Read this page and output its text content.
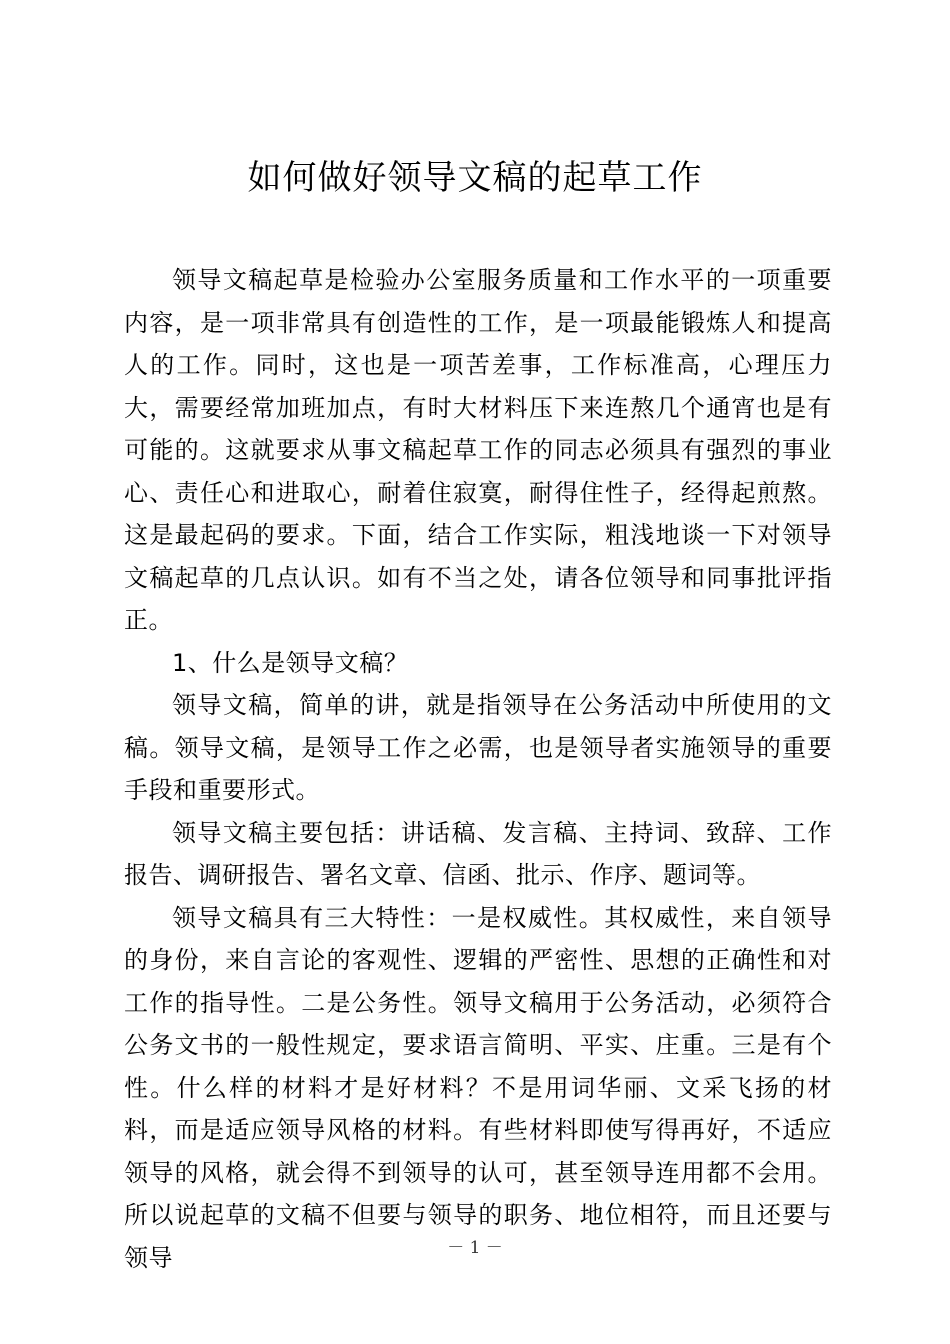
如何做好领导文稿的起草工作

领导文稿起草是检验办公室服务质量和工作水平的一项重要内容，是一项非常具有创造性的工作，是一项最能锻炼人和提高人的工作。同时，这也是一项苦差事，工作标准高，心理压力大，需要经常加班加点，有时大材料压下来连熬几个通宵也是有可能的。这就要求从事文稿起草工作的同志必须具有强烈的事业心、责任心和进取心，耐着住寂寞，耐得住性子，经得起煎熬。这是最起码的要求。下面，结合工作实际，粗浅地谈一下对领导文稿起草的几点认识。如有不当之处，请各位领导和同事批评指正。

1、什么是领导文稿？

领导文稿，简单的讲，就是指领导在公务活动中所使用的文稿。领导文稿，是领导工作之必需，也是领导者实施领导的重要手段和重要形式。

领导文稿主要包括：讲话稿、发言稿、主持词、致辞、工作报告、调研报告、署名文章、信函、批示、作序、题词等。

领导文稿具有三大特性：一是权威性。其权威性，来自领导的身份，来自言论的客观性、逻辑的严密性、思想的正确性和对工作的指导性。二是公务性。领导文稿用于公务活动，必须符合公务文书的一般性规定，要求语言简明、平实、庄重。三是有个性。什么样的材料才是好材料？不是用词华丽、文采飞扬的材料，而是适应领导风格的材料。有些材料即使写得再好，不适应领导的风格，就会得不到领导的认可，甚至领导连用都不会用。所以说起草的文稿不但要与领导的职务、地位相符，而且还要与领导	－ 1 －
